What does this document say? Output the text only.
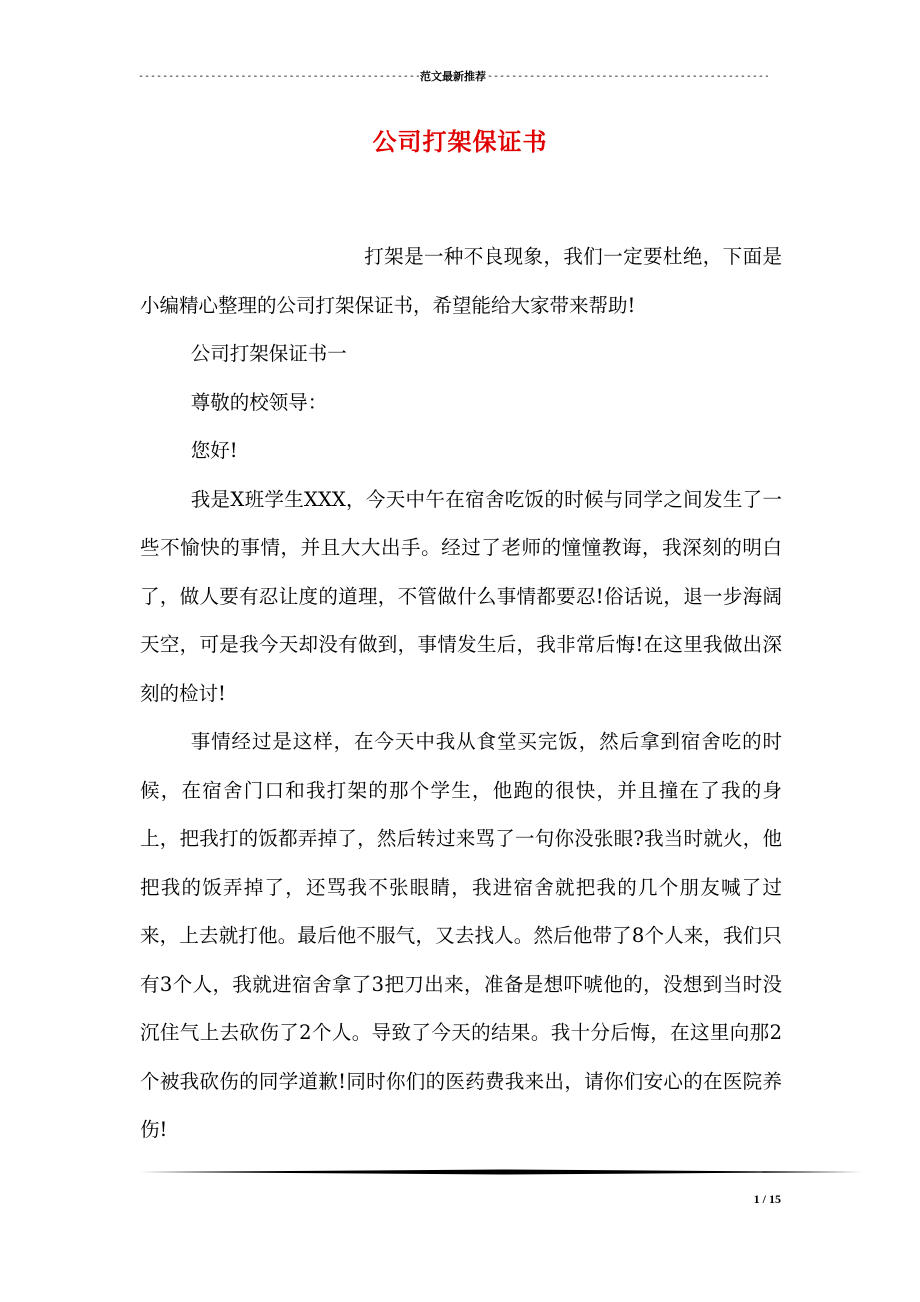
-----
范文最新推荐
-----
公司打架保证书

打架是一种不良现象，我们一定要杜绝，下面是小编精心整理的公司打架保证书，希望能给大家带来帮助!

公司打架保证书一

尊敬的校领导：

您好!

我是X班学生XXX，今天中午在宿舍吃饭的时候与同学之间发生了一些不愉快的事情，并且大大出手。经过了老师的憧憧教诲，我深刻的明白了，做人要有忍让度的道理，不管做什么事情都要忍!俗话说，退一步海阔天空，可是我今天却没有做到，事情发生后，我非常后悔!在这里我做出深刻的检讨!

事情经过是这样，在今天中我从食堂买完饭，然后拿到宿舍吃的时候，在宿舍门口和我打架的那个学生，他跑的很快，并且撞在了我的身上，把我打的饭都弄掉了，然后转过来骂了一句你没张眼?我当时就火，他把我的饭弄掉了，还骂我不张眼睛，我进宿舍就把我的几个朋友喊了过来，上去就打他。最后他不服气，又去找人。然后他带了8个人来，我们只有3个人，我就进宿舍拿了3把刀出来，准备是想吓唬他的，没想到当时没沉住气上去砍伤了2个人。导致了今天的结果。我十分后悔，在这里向那2个被我砍伤的同学道歉!同时你们的医药费我来出，请你们安心的在医院养伤!

1 / 15
